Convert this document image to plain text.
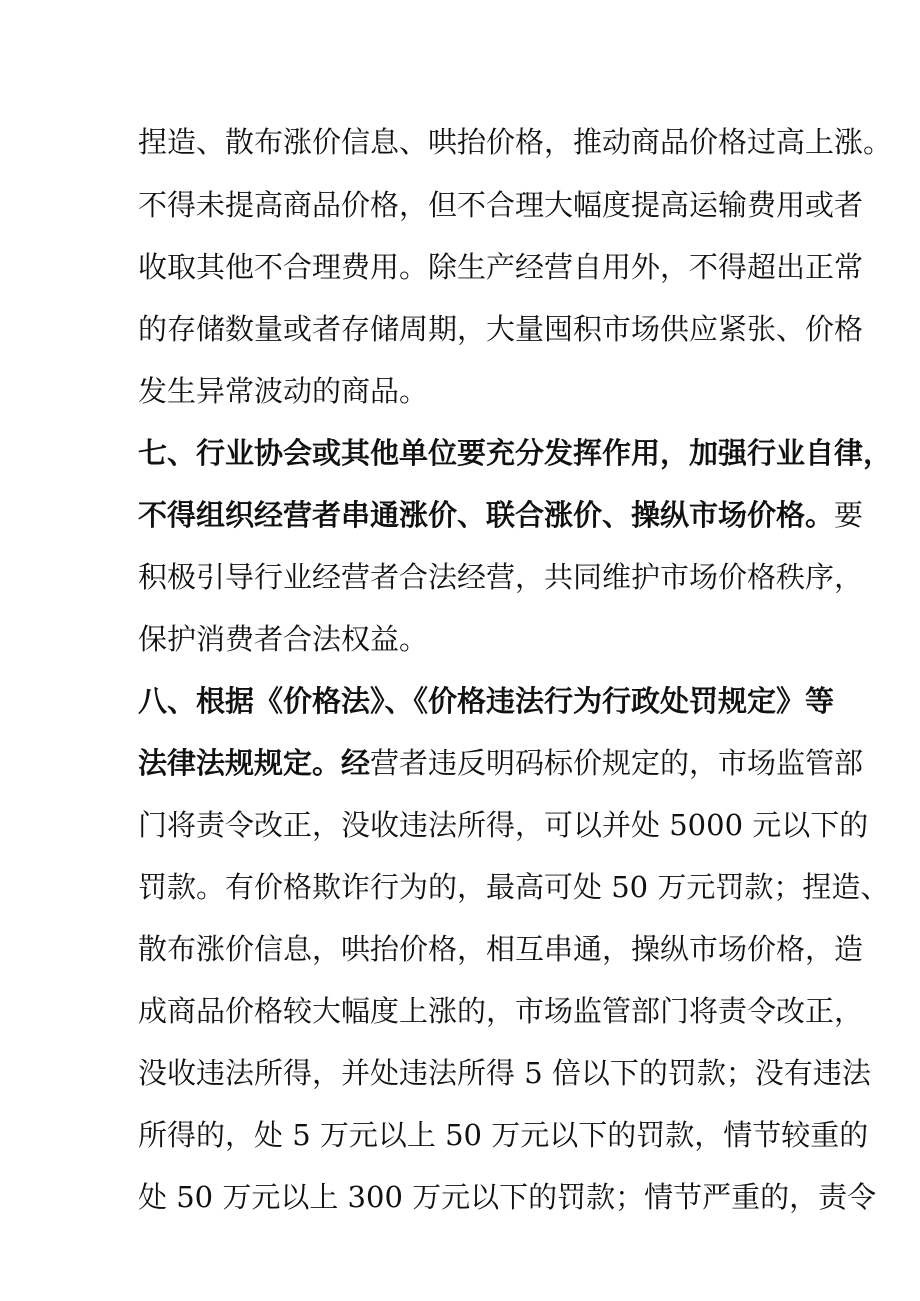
捏造、散布涨价信息、哄抬价格，推动商品价格过高上涨。
不得未提高商品价格，但不合理大幅度提高运输费用或者
收取其他不合理费用。除生产经营自用外，不得超出正常
的存储数量或者存储周期，大量囤积市场供应紧张、价格
发生异常波动的商品。
七、行业协会或其他单位要充分发挥作用，加强行业自律，
不得组织经营者串通涨价、联合涨价、操纵市场价格。要
积极引导行业经营者合法经营，共同维护市场价格秩序，
保护消费者合法权益。
八、根据《价格法》、《价格违法行为行政处罚规定》等
法律法规规定。经营者违反明码标价规定的，市场监管部
门将责令改正，没收违法所得，可以并处 5000 元以下的
罚款。有价格欺诈行为的，最高可处 50 万元罚款；捏造、
散布涨价信息，哄抬价格，相互串通，操纵市场价格，造
成商品价格较大幅度上涨的，市场监管部门将责令改正，
没收违法所得，并处违法所得 5 倍以下的罚款；没有违法
所得的，处 5 万元以上 50 万元以下的罚款，情节较重的
处 50 万元以上 300 万元以下的罚款；情节严重的，责令
